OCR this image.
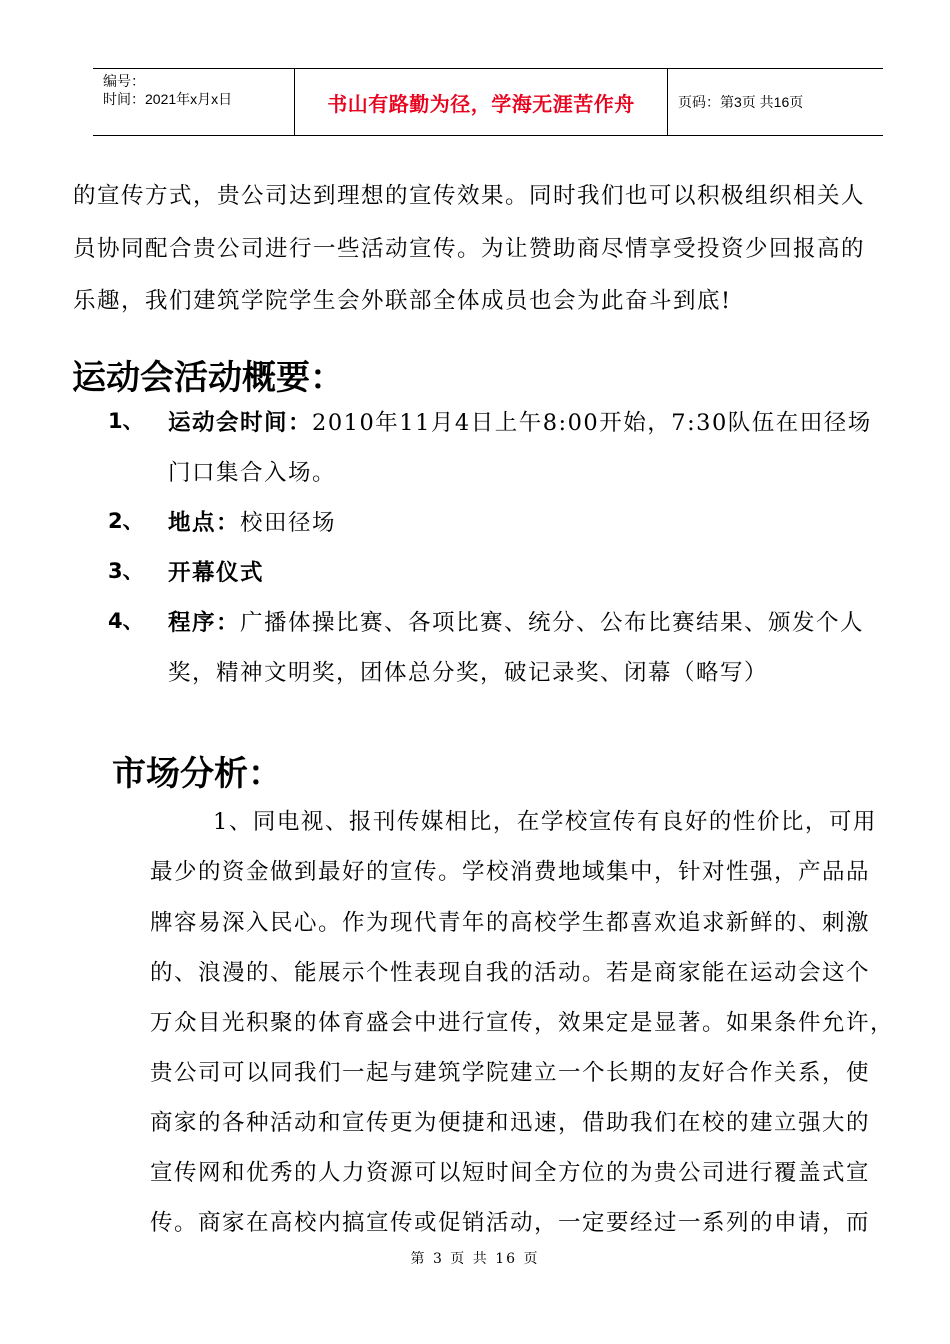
编号：
时间：2021年x月x日	书山有路勤为径，学海无涯苦作舟	页码：第3页 共16页
的宣传方式，贵公司达到理想的宣传效果。同时我们也可以积极组织相关人
员协同配合贵公司进行一些活动宣传。为让赞助商尽情享受投资少回报高的
乐趣，我们建筑学院学生会外联部全体成员也会为此奋斗到底!
运动会活动概要：
1、 运动会时间：2010年11月4日上午8:00开始，7:30队伍在田径场
门口集合入场。
2、 地点：校田径场
3、 开幕仪式
4、 程序：广播体操比赛、各项比赛、统分、公布比赛结果、颁发个人
奖，精神文明奖，团体总分奖，破记录奖、闭幕（略写）
市场分析：
1、同电视、报刊传媒相比，在学校宣传有良好的性价比，可用
最少的资金做到最好的宣传。学校消费地域集中，针对性强，产品品
牌容易深入民心。作为现代青年的高校学生都喜欢追求新鲜的、刺激
的、浪漫的、能展示个性表现自我的活动。若是商家能在运动会这个
万众目光积聚的体育盛会中进行宣传，效果定是显著。如果条件允许，
贵公司可以同我们一起与建筑学院建立一个长期的友好合作关系，使
商家的各种活动和宣传更为便捷和迅速，借助我们在校的建立强大的
宣传网和优秀的人力资源可以短时间全方位的为贵公司进行覆盖式宣
传。商家在高校内搞宣传或促销活动，一定要经过一系列的申请，而
第 3 页 共 16 页
